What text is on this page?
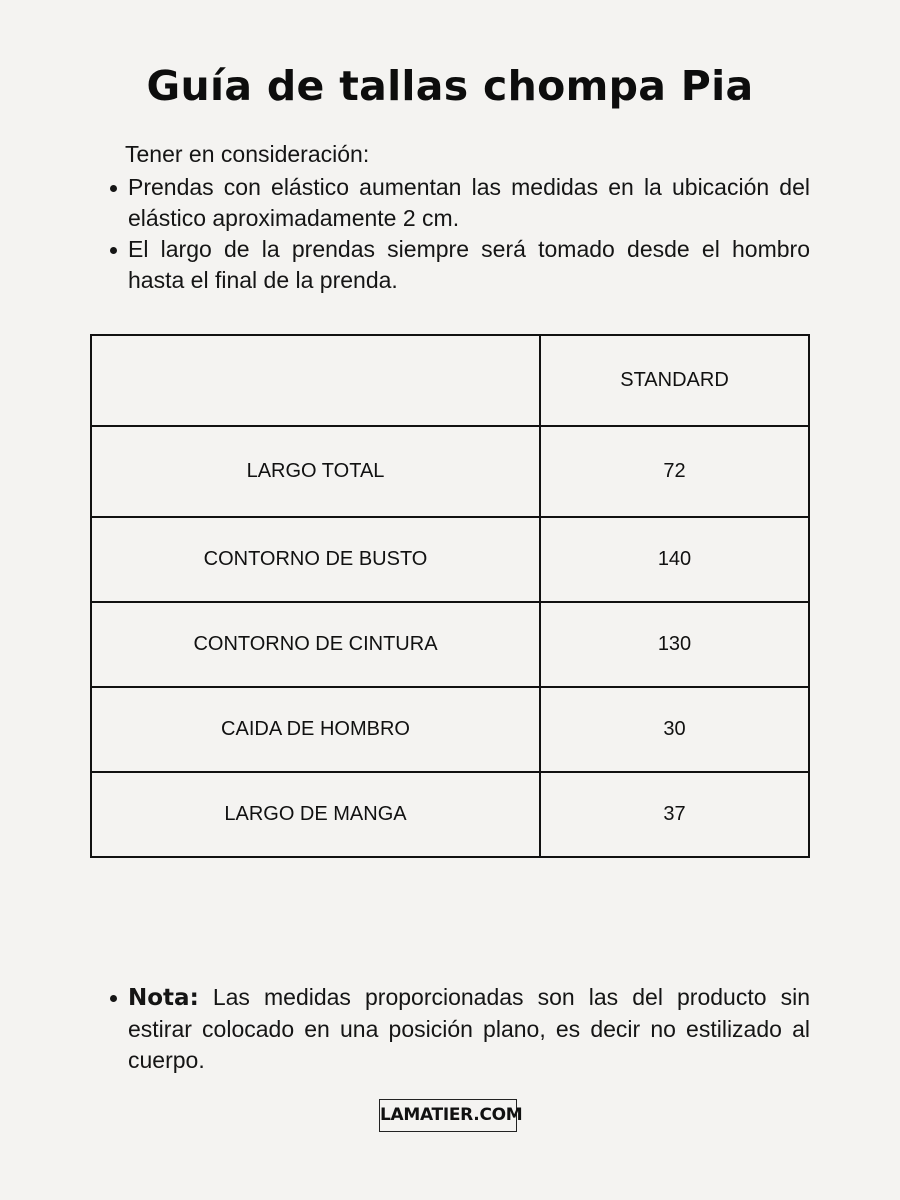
Guía de tallas chompa Pia

Tener en consideración:

Prendas con elástico aumentan las medidas en la ubicación del elástico aproximadamente 2 cm.
El largo de la prendas siempre será tomado desde el hombro hasta el final de la prenda.
	STANDARD
LARGO TOTAL	72
CONTORNO DE BUSTO	140
CONTORNO DE CINTURA	130
CAIDA DE HOMBRO	30
LARGO DE MANGA	37
Nota: Las medidas proporcionadas son las del producto sin estirar colocado en una posición plano, es decir no estilizado al cuerpo.
LAMATIER.COM
